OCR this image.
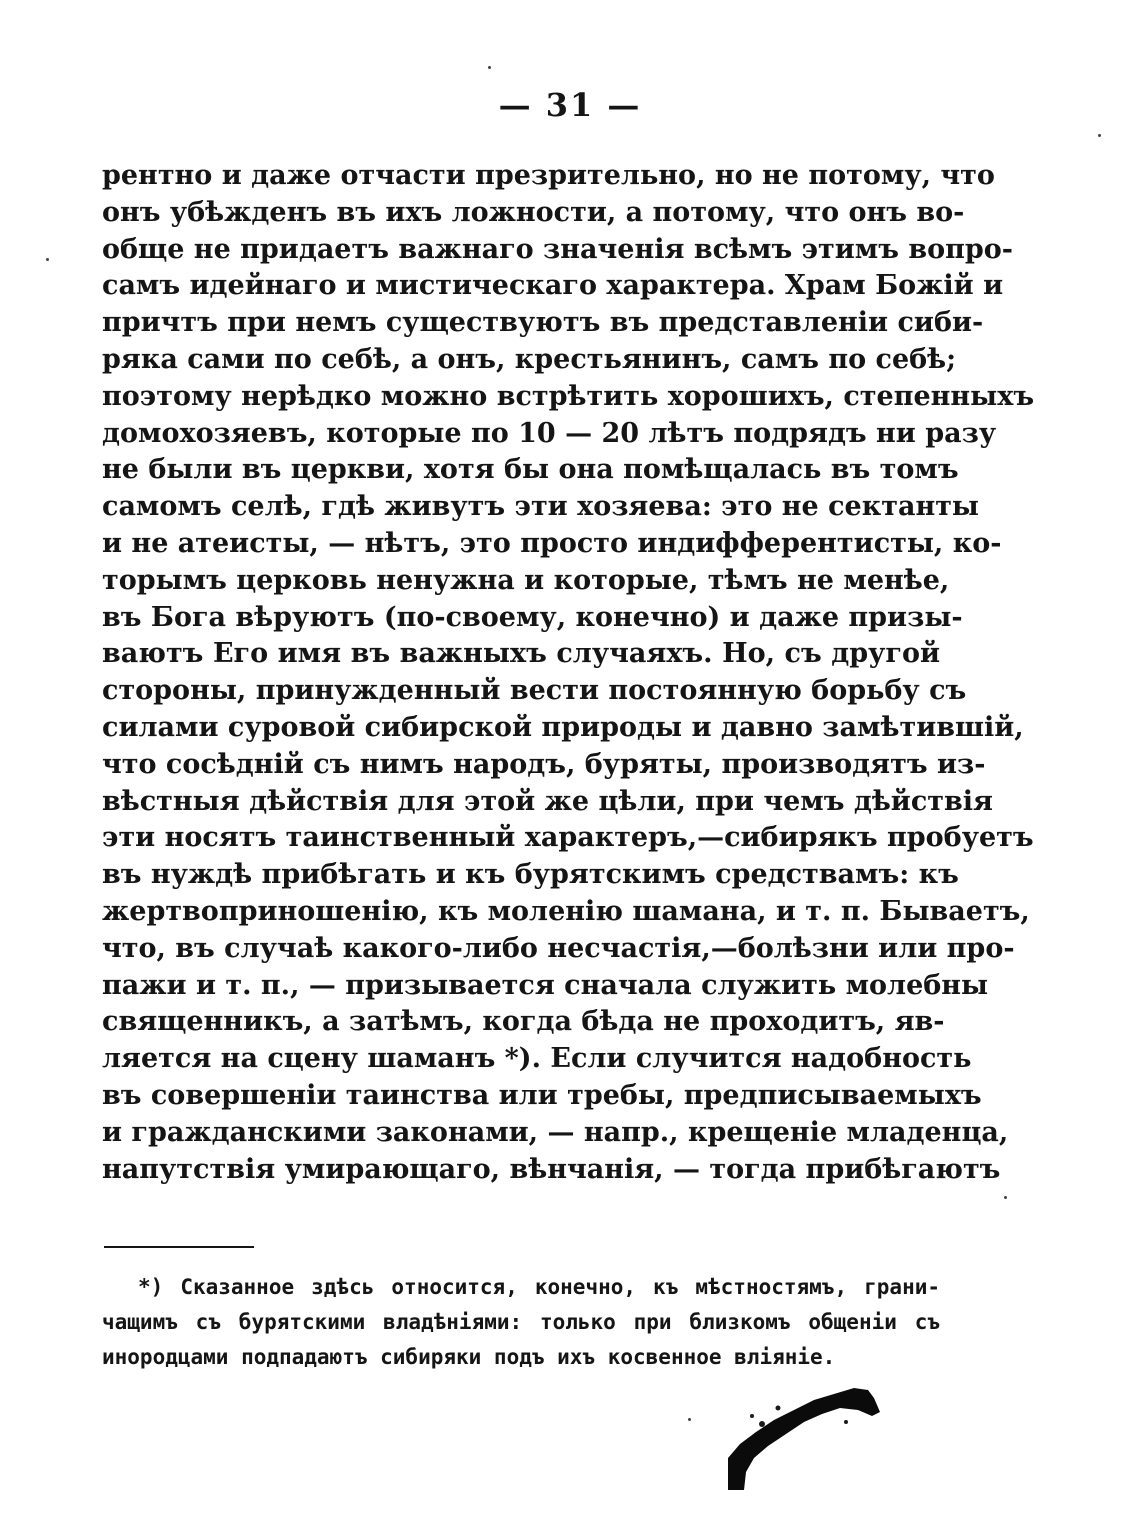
— 31 —
рентно и даже отчасти презрительно, но не потому, что
онъ убѣжденъ въ ихъ ложности, а потому, что онъ во-
обще не придаетъ важнаго значенія всѣмъ этимъ вопро-
самъ идейнаго и мистическаго характера. Храм Божій и
причтъ при немъ существуютъ въ представленіи сиби-
ряка сами по себѣ, а онъ, крестьянинъ, самъ по себѣ;
поэтому нерѣдко можно встрѣтить хорошихъ, степенныхъ
домохозяевъ, которые по 10 — 20 лѣтъ подрядъ ни разу
не были въ церкви, хотя бы она помѣщалась въ томъ
самомъ селѣ, гдѣ живутъ эти хозяева: это не сектанты
и не атеисты, — нѣтъ, это просто индифферентисты, ко-
торымъ церковь ненужна и которые, тѣмъ не менѣе,
въ Бога вѣруютъ (по-своему, конечно) и даже призы-
ваютъ Его имя въ важныхъ случаяхъ. Но, съ другой
стороны, принужденный вести постоянную борьбу съ
силами суровой сибирской природы и давно замѣтившій,
что сосѣдній съ нимъ народъ, буряты, производятъ из-
вѣстныя дѣйствія для этой же цѣли, при чемъ дѣйствія
эти носятъ таинственный характеръ,—сибирякъ пробуетъ
въ нуждѣ прибѣгать и къ бурятскимъ средствамъ: къ
жертвоприношенію, къ моленію шамана, и т. п. Бываетъ,
что, въ случаѣ какого-либо несчастія,—болѣзни или про-
пажи и т. п., — призывается сначала служить молебны
священникъ, а затѣмъ, когда бѣда не проходитъ, яв-
ляется на сцену шаманъ *). Если случится надобность
въ совершеніи таинства или требы, предписываемыхъ
и гражданскими законами, — напр., крещеніе младенца,
напутствія умирающаго, вѣнчанія, — тогда прибѣгаютъ
*) Сказанное здѣсь относится, конечно, къ мѣстностямъ, грани-
чащимъ съ бурятскими владѣніями: только при близкомъ общеніи съ
инородцами подпадаютъ сибиряки подъ ихъ косвенное вліяніе.
